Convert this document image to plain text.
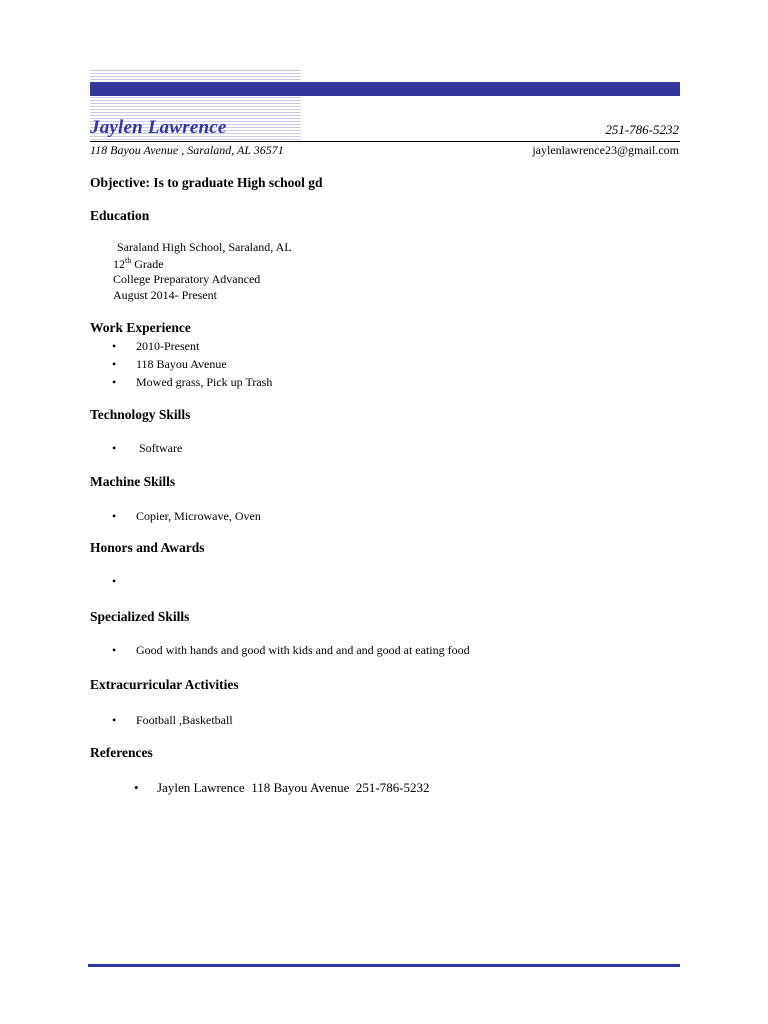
Jaylen Lawrence	251-786-5232
118 Bayou Avenue , Saraland, AL 36571	jaylenlawrence23@gmail.com
Objective: Is to graduate High school gd
Education
Saraland High School, Saraland, AL
12th Grade
College Preparatory Advanced
August 2014- Present
Work Experience
• 2010-Present
• 118 Bayou Avenue
• Mowed grass, Pick up Trash
Technology Skills
• Software
Machine Skills
• Copier, Microwave, Oven
Honors and Awards
•
Specialized Skills
• Good with hands and good with kids and and and good at eating food
Extracurricular Activities
• Football ,Basketball
References
• Jaylen Lawrence  118 Bayou Avenue  251-786-5232
